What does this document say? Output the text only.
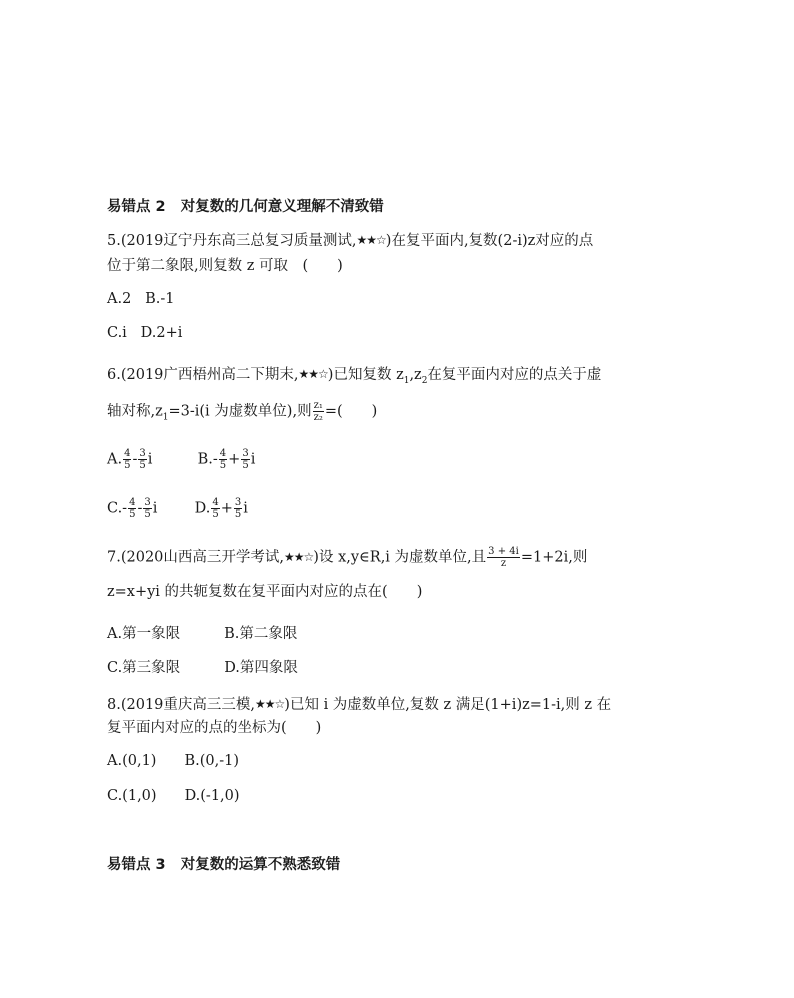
易错点 2 对复数的几何意义理解不清致错
5.(2019辽宁丹东高三总复习质量测试,★★☆)在复平面内,复数(2-i)z对应的点
位于第二象限,则复数 z 可取　(　　)
A.2 B.-1
C.i D.2+i
6.(2019广西梧州高二下期末,★★☆)已知复数 $z_1,z_2$在复平面内对应的点关于虚
轴对称$,z_1=3-i(i$ 为虚数单位),则 $\frac{\text{z₁}}{\text{z₂}}$ =(　　)
A. $\frac{4}{5} - \frac{3}{5}$ i	$B.- \frac{4}{5} + \frac{3}{5}$ i
$C.- \frac{4}{5} - \frac{3}{5}$ i	D. $\frac{4}{5} + \frac{3}{5}$ i
7.(2020山西高三开学考试,★★☆)设 x,y∈R,i 为虚数单位,且 $\frac{3 + 4i}{z} =1+2i$,则
z=x+yi 的共轭复数在复平面内对应的点在(　　)
A.第一象限	B.第二象限
C.第三象限	D.第四象限
8.(2019重庆高三三模,★★☆)已知 i 为虚数单位,复数 z 满足(1+i)z=1-i,则 z 在
复平面内对应的点的坐标为(　　)
A.(0,1) B.(0,-1)
C.(1,0) D.(-1,0)
易错点 3 对复数的运算不熟悉致错
